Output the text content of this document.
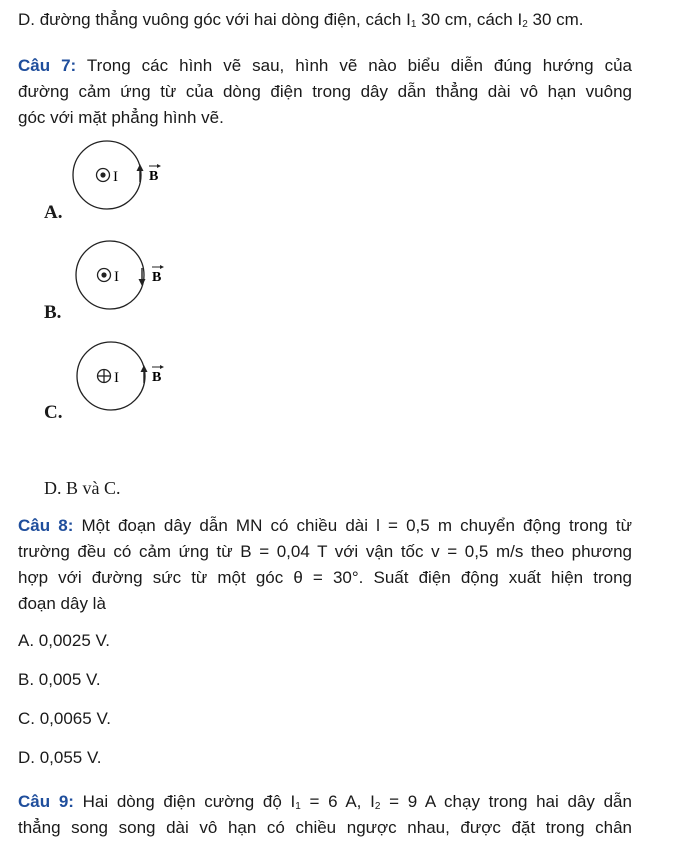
D. đường thẳng vuông góc với hai dòng điện, cách $I_1$ 30 cm, cách $I_2$ 30 cm.
Câu 7: Trong các hình vẽ sau, hình vẽ nào biểu diễn đúng hướng của
đường cảm ứng từ của dòng điện trong dây dẫn thẳng dài vô hạn vuông
góc với mặt phẳng hình vẽ.
I B
A.
I B
B.
I B
C.
D. B và C.
Câu 8: Một đoạn dây dẫn MN có chiều dài l = 0,5 m chuyển động trong từ
trường đều có cảm ứng từ B = 0,04 T với vận tốc v = 0,5 m/s theo phương
hợp với đường sức từ một góc θ = 30°. Suất điện động xuất hiện trong
đoạn dây là
A. 0,0025 V.
B. 0,005 V.
C. 0,0065 V.
D. 0,055 V.
Câu 9: Hai dòng điện cường độ $I_1 = 6$ A, $I_2 = 9$ A chạy trong hai dây dẫn
thẳng song song dài vô hạn có chiều ngược nhau, được đặt trong chân
